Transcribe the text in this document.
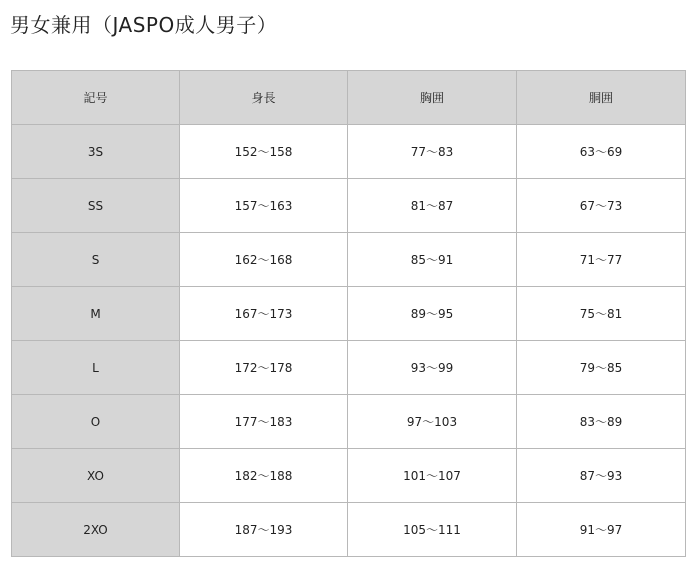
男女兼用（JASPO成人男子）
記号	身長	胸囲	胴囲
3S	152〜158	77〜83	63〜69
SS	157〜163	81〜87	67〜73
S	162〜168	85〜91	71〜77
M	167〜173	89〜95	75〜81
L	172〜178	93〜99	79〜85
O	177〜183	97〜103	83〜89
XO	182〜188	101〜107	87〜93
2XO	187〜193	105〜111	91〜97
